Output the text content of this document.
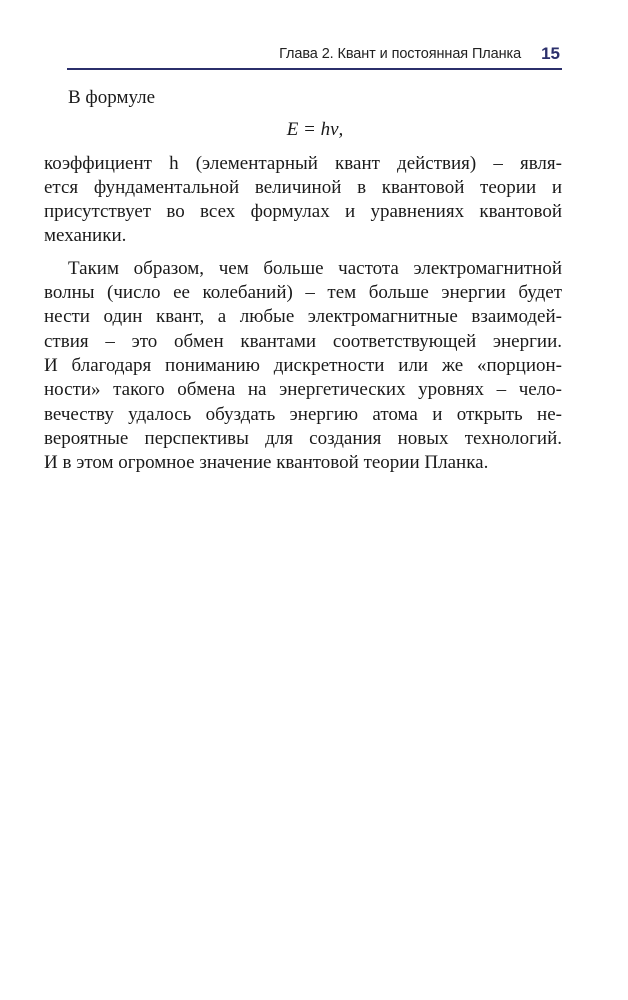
Глава 2. Квант и постоянная Планка 15
В формуле
E = hν,
коэффициент h (элементарный квант действия) – явля-
ется фундаментальной величиной в квантовой теории и
присутствует во всех формулах и уравнениях квантовой
механики.
Таким образом, чем больше частота электромагнитной
волны (число ее колебаний) – тем больше энергии будет
нести один квант, а любые электромагнитные взаимодей-
ствия – это обмен квантами соответствующей энергии.
И благодаря пониманию дискретности или же «порцион-
ности» такого обмена на энергетических уровнях – чело-
вечеству удалось обуздать энергию атома и открыть не-
вероятные перспективы для создания новых технологий.
И в этом огромное значение квантовой теории Планка.
